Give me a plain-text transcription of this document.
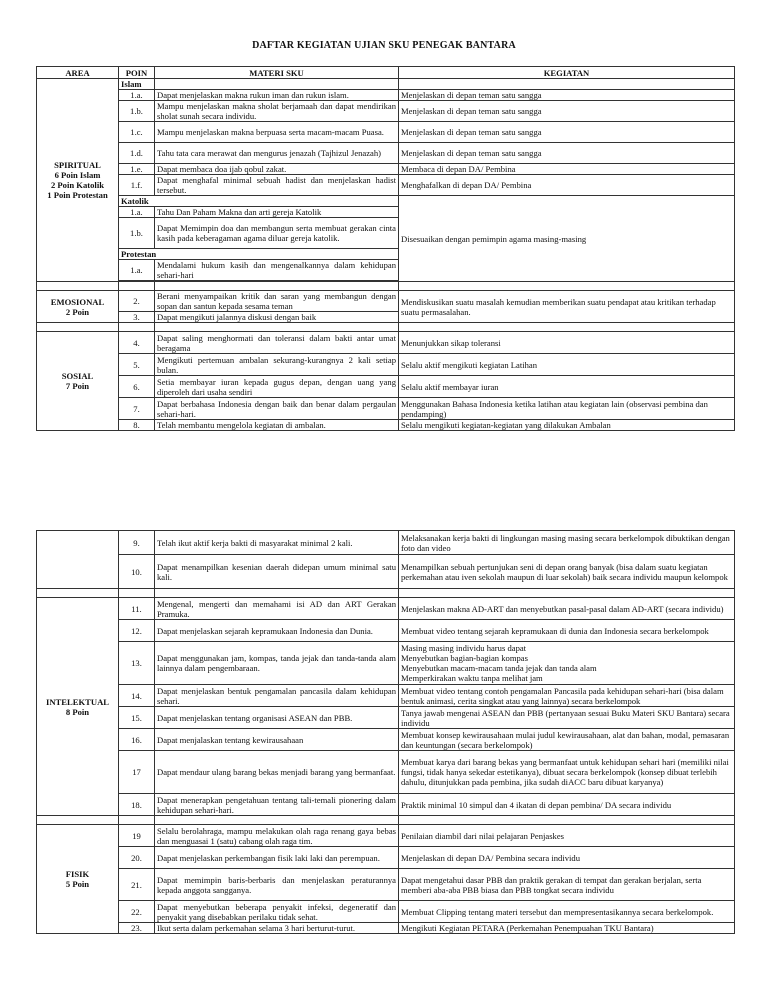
DAFTAR KEGIATAN UJIAN SKU PENEGAK BANTARA
AREA	POIN	MATERI SKU	KEGIATAN

SPIRITUAL
6 Poin Islam
2 Poin Katolik
1 Poin Protestan	Islam		
	1.a.	Dapat menjelaskan makna rukun iman dan rukun islam.	Menjelaskan di depan teman satu sangga
	1.b.	Mampu menjelaskan makna sholat berjamaah dan dapat mendirikan sholat sunah secara individu.	Menjelaskan di depan teman satu sangga
	1.c.	Mampu menjelaskan makna berpuasa serta macam-macam Puasa.	Menjelaskan di depan teman satu sangga
	1.d.	Tahu tata cara merawat dan mengurus jenazah (Tajhizul Jenazah)	Menjelaskan di depan teman satu sangga
	1.e.	Dapat membaca doa ijab qobul zakat.	Membaca di depan DA/ Pembina
	1.f.	Dapat menghafal minimal sebuah hadist dan menjelaskan hadist tersebut.	Menghafalkan di depan DA/ Pembina
	Katolik		Disesuaikan dengan pemimpin agama masing-masing
	1.a.	Tahu Dan Paham Makna dan arti gereja Katolik	
	1.b.	Dapat Memimpin doa dan membangun serta membuat gerakan cinta kasih pada keberagaman agama diluar gereja katolik.	
	Protestan		
	1.a.	Mendalami hukum kasih dan mengenalkannya dalam kehidupan sehari-hari	

EMOSIONAL
2 Poin	2.	Berani menyampaikan kritik dan saran yang membangun dengan sopan dan santun kepada sesama teman	Mendiskusikan suatu masalah kemudian memberikan suatu pendapat atau kritikan terhadap suatu permasalahan.
	3.	Dapat mengikuti jalannya diskusi dengan baik	

SOSIAL
7 Poin	4.	Dapat saling menghormati dan toleransi dalam bakti antar umat beragama	Menunjukkan sikap toleransi
	5.	Mengikuti pertemuan ambalan sekurang-kurangnya 2 kali setiap bulan.	Selalu aktif mengikuti kegiatan Latihan
	6.	Setia membayar iuran kepada gugus depan, dengan uang yang diperoleh dari usaha sendiri	Selalu aktif membayar iuran
	7.	Dapat berbahasa Indonesia dengan baik dan benar dalam pergaulan sehari-hari.	Menggunakan Bahasa Indonesia ketika latihan atau kegiatan lain (observasi pembina dan pendamping)
	8.	Telah membantu mengelola kegiatan di ambalan.	Selalu mengikuti kegiatan-kegiatan yang dilakukan Ambalan
	9.	Telah ikut aktif kerja bakti di masyarakat minimal 2 kali.	Melaksanakan kerja bakti di lingkungan masing masing secara berkelompok dibuktikan dengan foto dan video
	10.	Dapat menampilkan kesenian daerah didepan umum minimal satu kali.	Menampilkan sebuah pertunjukan seni di depan orang banyak (bisa dalam suatu kegiatan perkemahan atau iven sekolah maupun di luar sekolah) baik secara individu maupun kelompok

INTELEKTUAL
8 Poin	11.	Mengenal, mengerti dan memahami isi AD dan ART Gerakan Pramuka.	Menjelaskan makna AD-ART dan menyebutkan pasal-pasal dalam AD-ART (secara individu)
	12.	Dapat menjelaskan sejarah kepramukaan Indonesia dan Dunia.	Membuat video tentang sejarah kepramukaan di dunia dan Indonesia secara berkelompok
	13.	Dapat menggunakan jam, kompas, tanda jejak dan tanda-tanda alam lainnya dalam pengembaraan.	Masing masing individu harus dapat
Menyebutkan bagian-bagian kompas
Menyebutkan macam-macam tanda jejak dan tanda alam
Memperkirakan waktu tanpa melihat jam

	14.	Dapat menjelaskan bentuk pengamalan pancasila dalam kehidupan sehari.	Membuat video tentang contoh pengamalan Pancasila pada kehidupan sehari-hari (bisa dalam bentuk animasi, cerita singkat atau yang lainnya) secara berkelompok
	15.	Dapat menjelaskan tentang organisasi ASEAN dan PBB.	Tanya jawab mengenai ASEAN dan PBB (pertanyaan sesuai Buku Materi SKU Bantara) secara individu
	16.	Dapat menjalaskan tentang kewirausahaan	Membuat konsep kewirausahaan mulai judul kewirausahaan, alat dan bahan, modal, pemasaran dan keuntungan (secara berkelompok)
	17	Dapat mendaur ulang barang bekas menjadi barang yang bermanfaat.	Membuat karya dari barang bekas yang bermanfaat untuk kehidupan sehari hari (memiliki nilai fungsi, tidak hanya sekedar estetikanya), dibuat secara berkelompok (konsep dibuat terlebih dahulu, ditunjukkan pada pembina, jika sudah diACC baru dibuat karyanya)
	18.	Dapat menerapkan pengetahuan tentang tali-temali pionering dalam kehidupan sehari-hari.	Praktik minimal 10 simpul dan 4 ikatan di depan pembina/ DA secara individu

FISIK
5 Poin	19	Selalu berolahraga, mampu melakukan olah raga renang gaya bebas dan menguasai 1 (satu) cabang olah raga tim.	Penilaian diambil dari nilai pelajaran Penjaskes
	20.	Dapat menjelaskan perkembangan fisik laki laki dan perempuan.	Menjelaskan di depan DA/ Pembina secara individu
	21.	Dapat memimpin baris-berbaris dan menjelaskan peraturannya kepada anggota sangganya.	Dapat mengetahui dasar PBB dan praktik gerakan di tempat dan gerakan berjalan, serta memberi aba-aba PBB biasa dan PBB tongkat secara individu
	22.	Dapat menyebutkan beberapa penyakit infeksi, degeneratif dan penyakit yang disebabkan perilaku tidak sehat.	Membuat Clipping tentang materi tersebut dan mempresentasikannya secara berkelompok.
	23.	Ikut serta dalam perkemahan selama 3 hari berturut-turut.	Mengikuti Kegiatan PETARA (Perkemahan Penempuahan TKU Bantara)
